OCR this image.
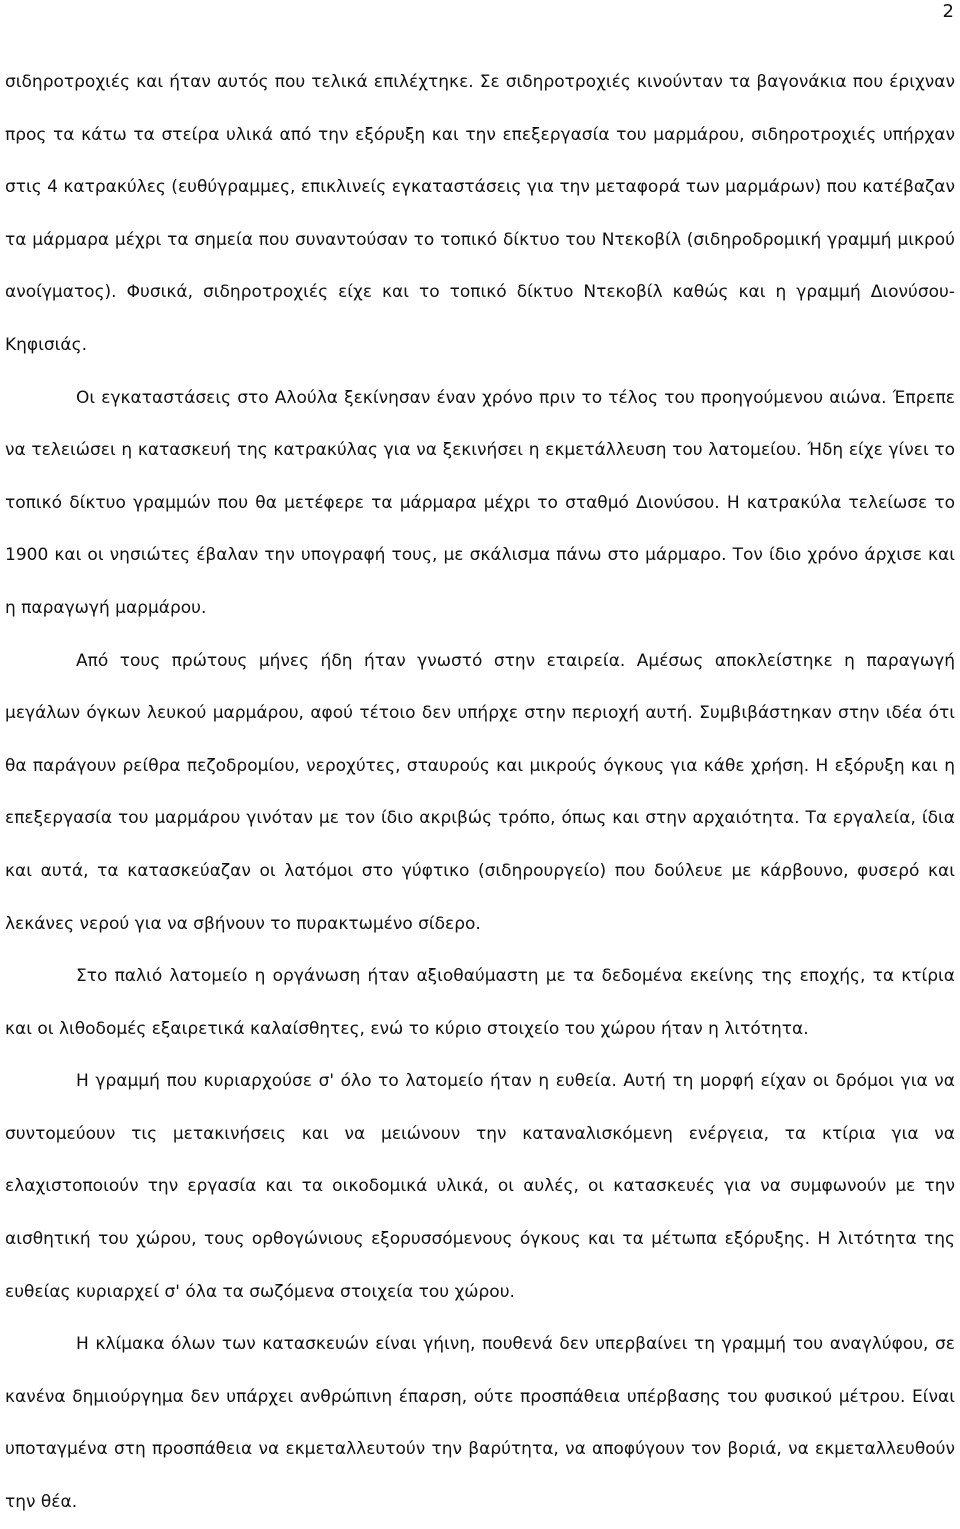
2

σιδηροτροχιές και ήταν αυτός που τελικά επιλέχτηκε. Σε σιδηροτροχιές κινούνταν τα βαγονάκια που έριχναν προς τα κάτω τα στείρα υλικά από την εξόρυξη και την επεξεργασία του μαρμάρου, σιδηροτροχιές υπήρχαν στις 4 κατρακύλες (ευθύγραμμες, επικλινείς εγκαταστάσεις για την μεταφορά των μαρμάρων) που κατέβαζαν τα μάρμαρα μέχρι τα σημεία που συναντούσαν το τοπικό δίκτυο του Ντεκοβίλ (σιδηροδρομική γραμμή μικρού ανοίγματος). Φυσικά, σιδηροτροχιές είχε και το τοπικό δίκτυο Ντεκοβίλ καθώς και η γραμμή Διονύσου-Κηφισιάς.

Οι εγκαταστάσεις στο Αλούλα ξεκίνησαν έναν χρόνο πριν το τέλος του προηγούμενου αιώνα. Έπρεπε να τελειώσει η κατασκευή της κατρακύλας για να ξεκινήσει η εκμετάλλευση του λατομείου. Ήδη είχε γίνει το τοπικό δίκτυο γραμμών που θα μετέφερε τα μάρμαρα μέχρι το σταθμό Διονύσου. Η κατρακύλα τελείωσε το 1900 και οι νησιώτες έβαλαν την υπογραφή τους, με σκάλισμα πάνω στο μάρμαρο. Τον ίδιο χρόνο άρχισε και η παραγωγή μαρμάρου.

Από τους πρώτους μήνες ήδη ήταν γνωστό στην εταιρεία. Αμέσως αποκλείστηκε η παραγωγή μεγάλων όγκων λευκού μαρμάρου, αφού τέτοιο δεν υπήρχε στην περιοχή αυτή. Συμβιβάστηκαν στην ιδέα ότι θα παράγουν ρείθρα πεζοδρομίου, νεροχύτες, σταυρούς και μικρούς όγκους για κάθε χρήση. Η εξόρυξη και η επεξεργασία του μαρμάρου γινόταν με τον ίδιο ακριβώς τρόπο, όπως και στην αρχαιότητα. Τα εργαλεία, ίδια και αυτά, τα κατασκεύαζαν οι λατόμοι στο γύφτικο (σιδηρουργείο) που δούλευε με κάρβουνο, φυσερό και λεκάνες νερού για να σβήνουν το πυρακτωμένο σίδερο.

Στο παλιό λατομείο η οργάνωση ήταν αξιοθαύμαστη με τα δεδομένα εκείνης της εποχής, τα κτίρια και οι λιθοδομές εξαιρετικά καλαίσθητες, ενώ το κύριο στοιχείο του χώρου ήταν η λιτότητα.

Η γραμμή που κυριαρχούσε σ' όλο το λατομείο ήταν η ευθεία. Αυτή τη μορφή είχαν οι δρόμοι για να συντομεύουν τις μετακινήσεις και να μειώνουν την καταναλισκόμενη ενέργεια, τα κτίρια για να ελαχιστοποιούν την εργασία και τα οικοδομικά υλικά, οι αυλές, οι κατασκευές για να συμφωνούν με την αισθητική του χώρου, τους ορθογώνιους εξορυσσόμενους όγκους και τα μέτωπα εξόρυξης. Η λιτότητα της ευθείας κυριαρχεί σ' όλα τα σωζόμενα στοιχεία του χώρου.

Η κλίμακα όλων των κατασκευών είναι γήινη, πουθενά δεν υπερβαίνει τη γραμμή του αναγλύφου, σε κανένα δημιούργημα δεν υπάρχει ανθρώπινη έπαρση, ούτε προσπάθεια υπέρβασης του φυσικού μέτρου. Είναι υποταγμένα στη προσπάθεια να εκμεταλλευτούν την βαρύτητα, να αποφύγουν τον βοριά, να εκμεταλλευθούν την θέα.
